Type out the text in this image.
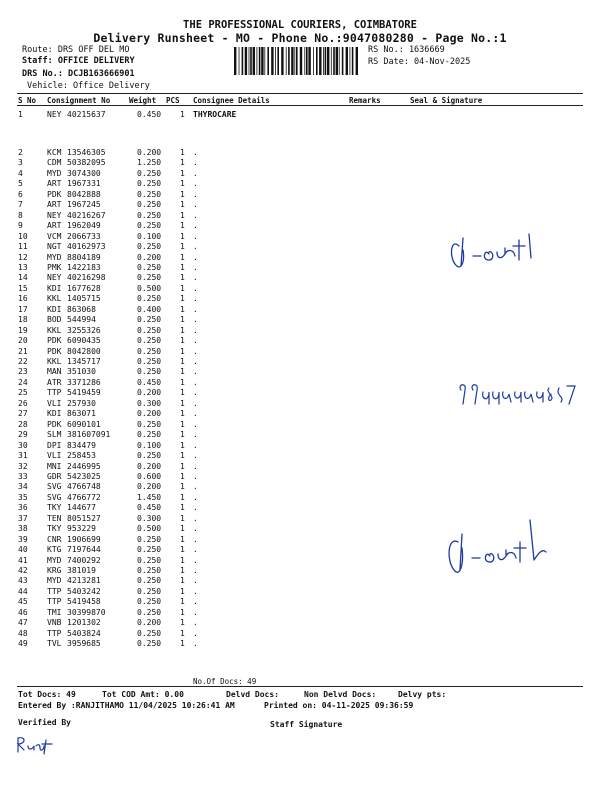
THE PROFESSIONAL COURIERS, COIMBATORE
Delivery Runsheet - MO - Phone No.:9047080280 - Page No.:1
Route: DRS OFF DEL MO
Staff: OFFICE DELIVERY
DRS No.: DCJB163666901
Vehicle: Office Delivery
RS No.: 1636669
RS Date: 04-Nov-2025
S No Consignment No	Weight PCS Consignee Details	Remarks	Seal & Signature
1	NEY 40215637	0.450 1 THYROCARE
2	KCM 13546305	0.200 1 .
3	CDM 50382095	1.250 1 .
4	MYD 3074300	0.250 1 .
5	ART 1967331	0.250 1 .
6	PDK 8042888	0.250 1 .
7	ART 1967245	0.250 1 .
8	NEY 40216267	0.250 1 .
9	ART 1962049	0.250 1 .
10 VCM 2066733	0.100 1 .
11 NGT 40162973	0.250 1 .
12 MYD 8804189	0.200 1 .
13 PMK 1422183	0.250 1 .
14 NEY 40216298	0.250 1 .
15 KDI 1677628	0.500 1 .
16 KKL 1405715	0.250 1 .
17 KDI 863068	0.400 1 .
18 BOD 544994	0.250 1 .
19 KKL 3255326	0.250 1 .
20 PDK 6090435	0.250 1 .
21 PDK 8042800	0.250 1 .
22 KKL 1345717	0.250 1 .
23 MAN 351030	0.250 1 .
24 ATR 3371286	0.450 1 .
25 TTP 5419459	0.200 1 .
26 VLI 257930	0.300 1 .
27 KDI 863071	0.200 1 .
28 PDK 6090101	0.250 1 .
29 SLM 381607091	0.250 1 .
30 DPI 834479	0.100 1 .
31 VLI 258453	0.250 1 .
32 MNI 2446995	0.200 1 .
33 GDR 5423025	0.600 1 .
34 SVG 4766748	0.200 1 .
35 SVG 4766772	1.450 1 .
36 TKY 144677	0.450 1 .
37 TEN 8051527	0.300 1 .
38 TKY 953229	0.500 1 .
39 CNR 1906699	0.250 1 .
40 KTG 7197644	0.250 1 .
41 MYD 7400292	0.250 1 .
42 KRG 381019	0.250 1 .
43 MYD 4213281	0.250 1 .
44 TTP 5403242	0.250 1 .
45 TTP 5419458	0.250 1 .
46 TMI 30399870	0.250 1 .
47 VNB 1201302	0.200 1 .
48 TTP 5403824	0.250 1 .
49 TVL 3959685	0.250 1 .
No.Of Docs: 49
Tot Docs: 49	Tot COD Amt: 0.00	Delvd Docs:	Non Delvd Docs:	Delvy pts:
Entered By :RANJITHAMO 11/04/2025 10:26:41 AM	Printed on: 04-11-2025 09:36:59
Verified By	Staff Signature
